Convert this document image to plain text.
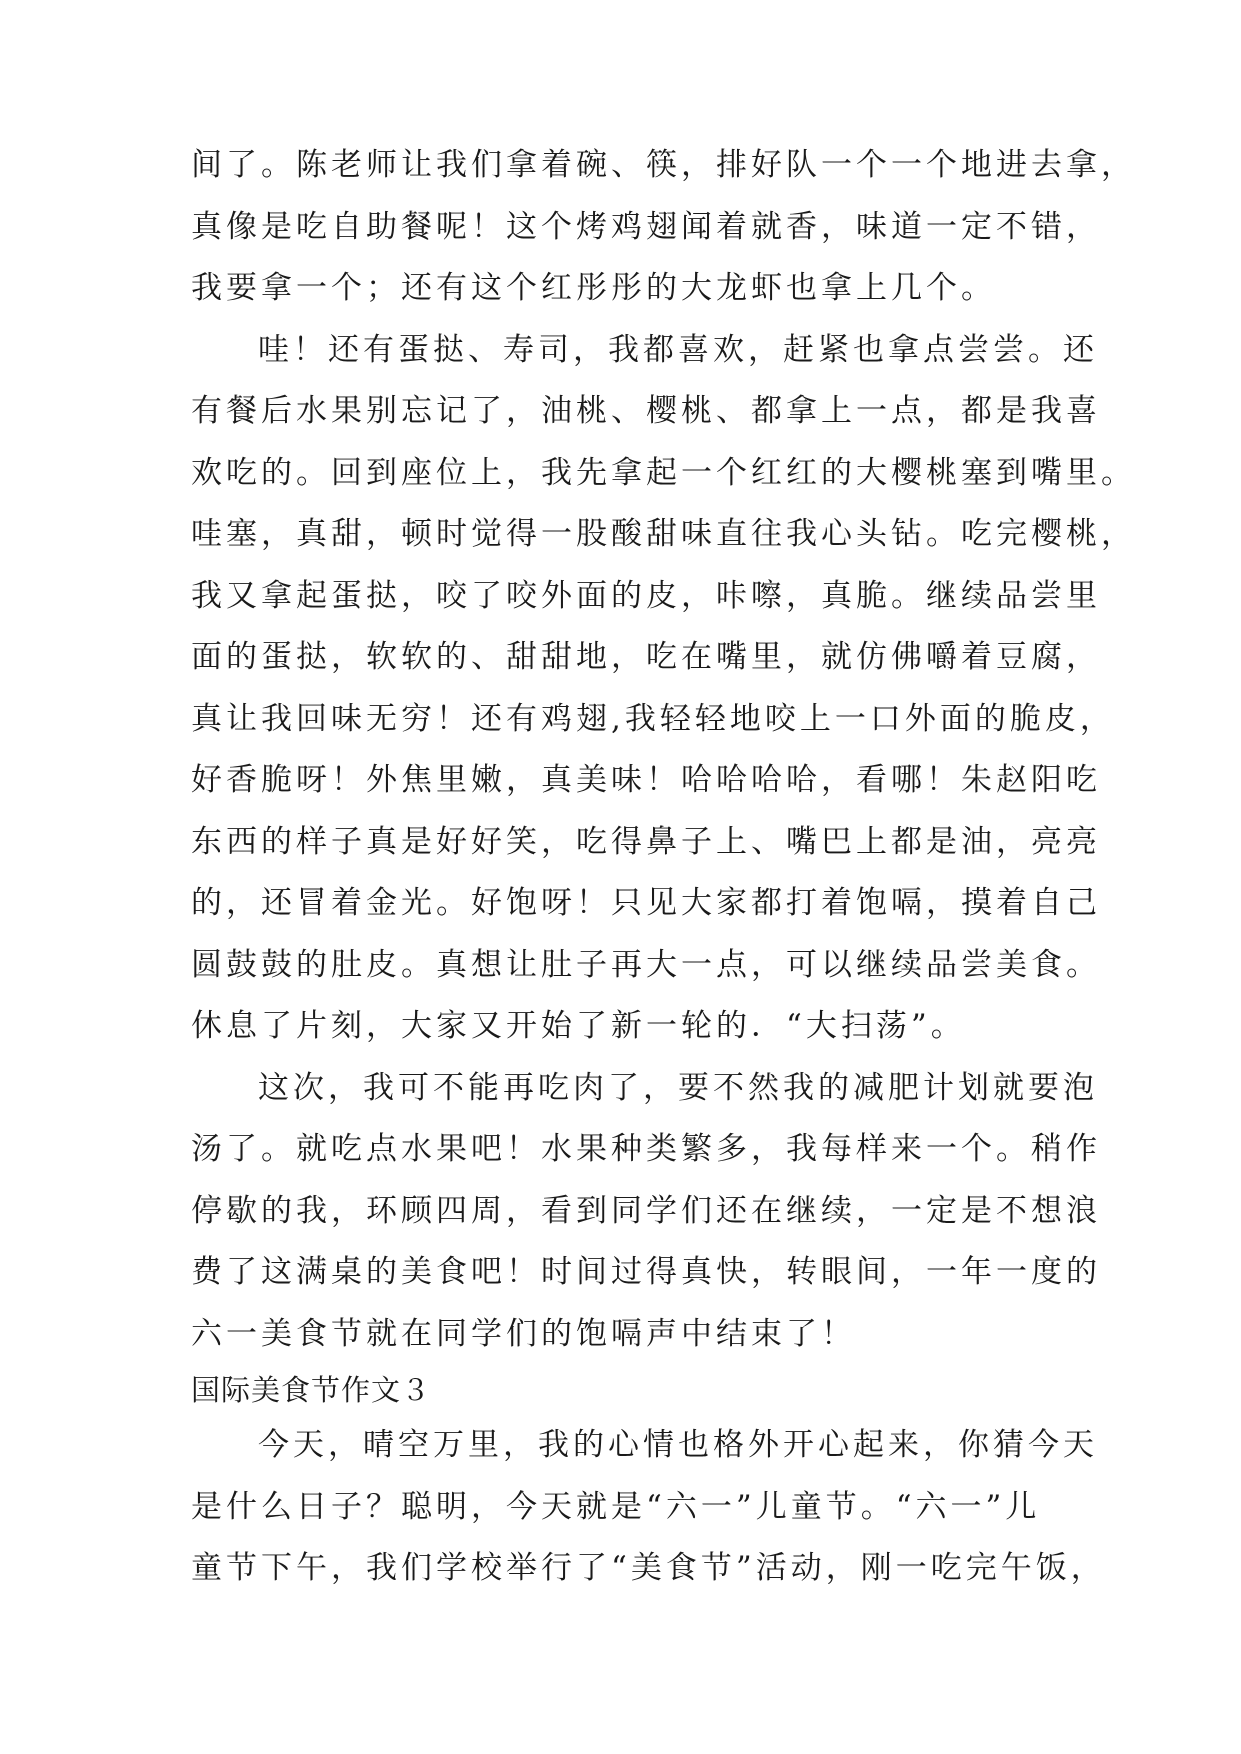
间了。陈老师让我们拿着碗、筷，排好队一个一个地进去拿，
真像是吃自助餐呢！这个烤鸡翅闻着就香，味道一定不错，
我要拿一个；还有这个红彤彤的大龙虾也拿上几个。
哇！还有蛋挞、寿司，我都喜欢，赶紧也拿点尝尝。还
有餐后水果别忘记了，油桃、樱桃、都拿上一点，都是我喜
欢吃的。回到座位上，我先拿起一个红红的大樱桃塞到嘴里。
哇塞，真甜，顿时觉得一股酸甜味直往我心头钻。吃完樱桃，
我又拿起蛋挞，咬了咬外面的皮，咔嚓，真脆。继续品尝里
面的蛋挞，软软的、甜甜地，吃在嘴里，就仿佛嚼着豆腐，
真让我回味无穷！还有鸡翅,我轻轻地咬上一口外面的脆皮，
好香脆呀！外焦里嫩，真美味！哈哈哈哈，看哪！朱赵阳吃
东西的样子真是好好笑，吃得鼻子上、嘴巴上都是油，亮亮
的，还冒着金光。好饱呀！只见大家都打着饱嗝，摸着自己
圆鼓鼓的肚皮。真想让肚子再大一点，可以继续品尝美食。
休息了片刻，大家又开始了新一轮的．“大扫荡”。
这次，我可不能再吃肉了，要不然我的减肥计划就要泡
汤了。就吃点水果吧！水果种类繁多，我每样来一个。稍作
停歇的我，环顾四周，看到同学们还在继续，一定是不想浪
费了这满桌的美食吧！时间过得真快，转眼间，一年一度的
六一美食节就在同学们的饱嗝声中结束了！
国际美食节作文３
今天，晴空万里，我的心情也格外开心起来，你猜今天
是什么日子？聪明，今天就是“六一”儿童节。“六一”儿
童节下午，我们学校举行了“美食节”活动，刚一吃完午饭，
